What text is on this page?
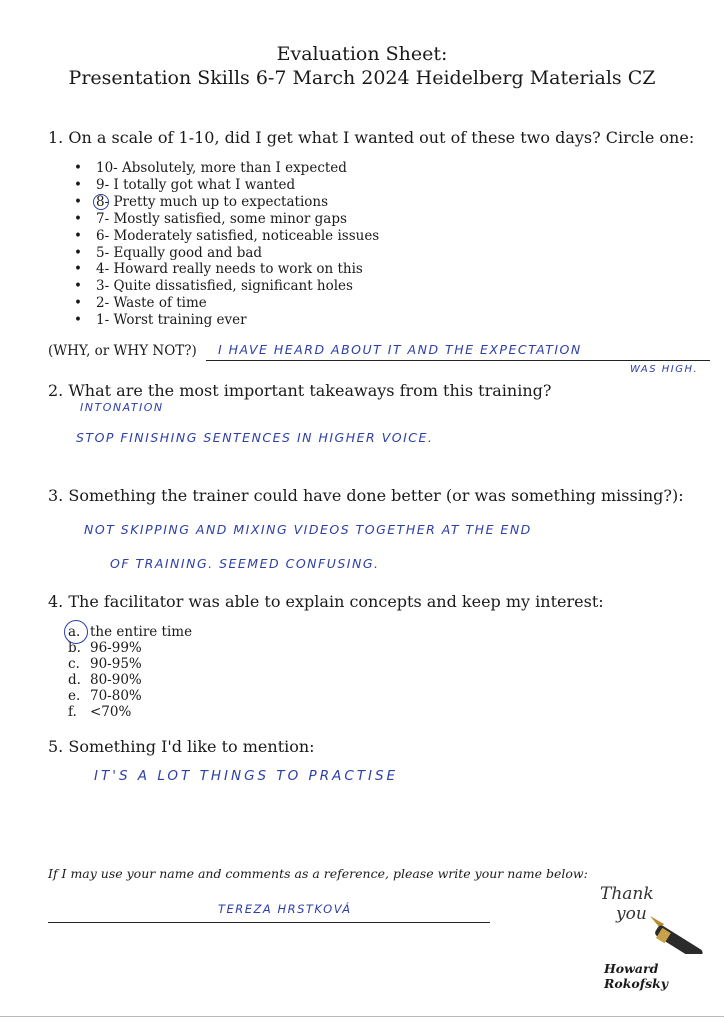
Evaluation Sheet:
Presentation Skills 6-7 March 2024 Heidelberg Materials CZ
1. On a scale of 1-10, did I get what I wanted out of these two days? Circle one:
• 10- Absolutely, more than I expected
• 9- I totally got what I wanted
• 8- Pretty much up to expectations
• 7- Mostly satisfied, some minor gaps
• 6- Moderately satisfied, noticeable issues
• 5- Equally good and bad
• 4- Howard really needs to work on this
• 3- Quite dissatisfied, significant holes
• 2- Waste of time
• 1- Worst training ever
(WHY, or WHY NOT?) I HAVE HEARD ABOUT IT AND THE EXPECTATION
WAS HIGH.
2. What are the most important takeaways from this training?
INTONATION
STOP FINISHING SENTENCES IN HIGHER VOICE.
3. Something the trainer could have done better (or was something missing?):
NOT SKIPPING AND MIXING VIDEOS TOGETHER AT THE END
OF TRAINING. SEEMED CONFUSING.
4. The facilitator was able to explain concepts and keep my interest:
a. the entire time
b. 96-99%
c. 90-95%
d. 80-90%
e. 70-80%
f. <70%
5. Something I'd like to mention:
IT'S A LOT THINGS TO PRACTISE
If I may use your name and comments as a reference, please write your name below:
TEREZA HRSTKOVÁ
Thank
you
Howard Rokofsky
